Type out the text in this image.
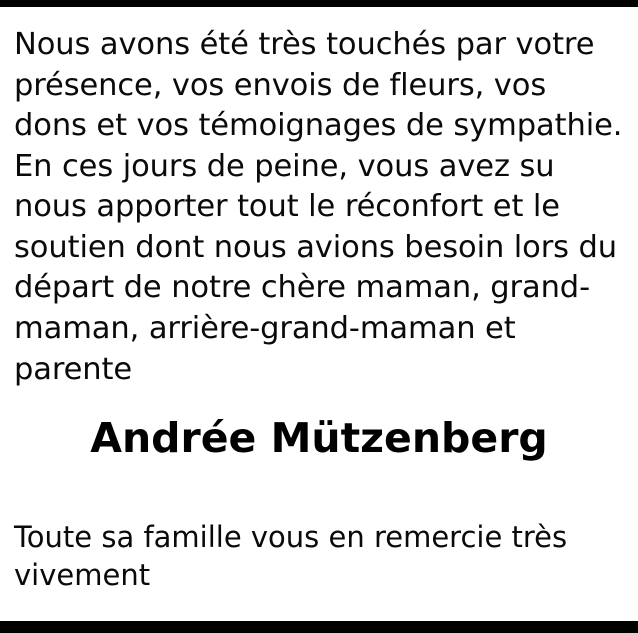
Nous avons été très touchés par votre présence, vos envois de fleurs, vos dons et vos témoignages de sympathie. En ces jours de peine, vous avez su nous apporter tout le réconfort et le soutien dont nous avions besoin lors du départ de notre chère maman, grand-maman, arrière-grand-maman et parente

Andrée Mützenberg

Toute sa famille vous en remercie très

vivement
